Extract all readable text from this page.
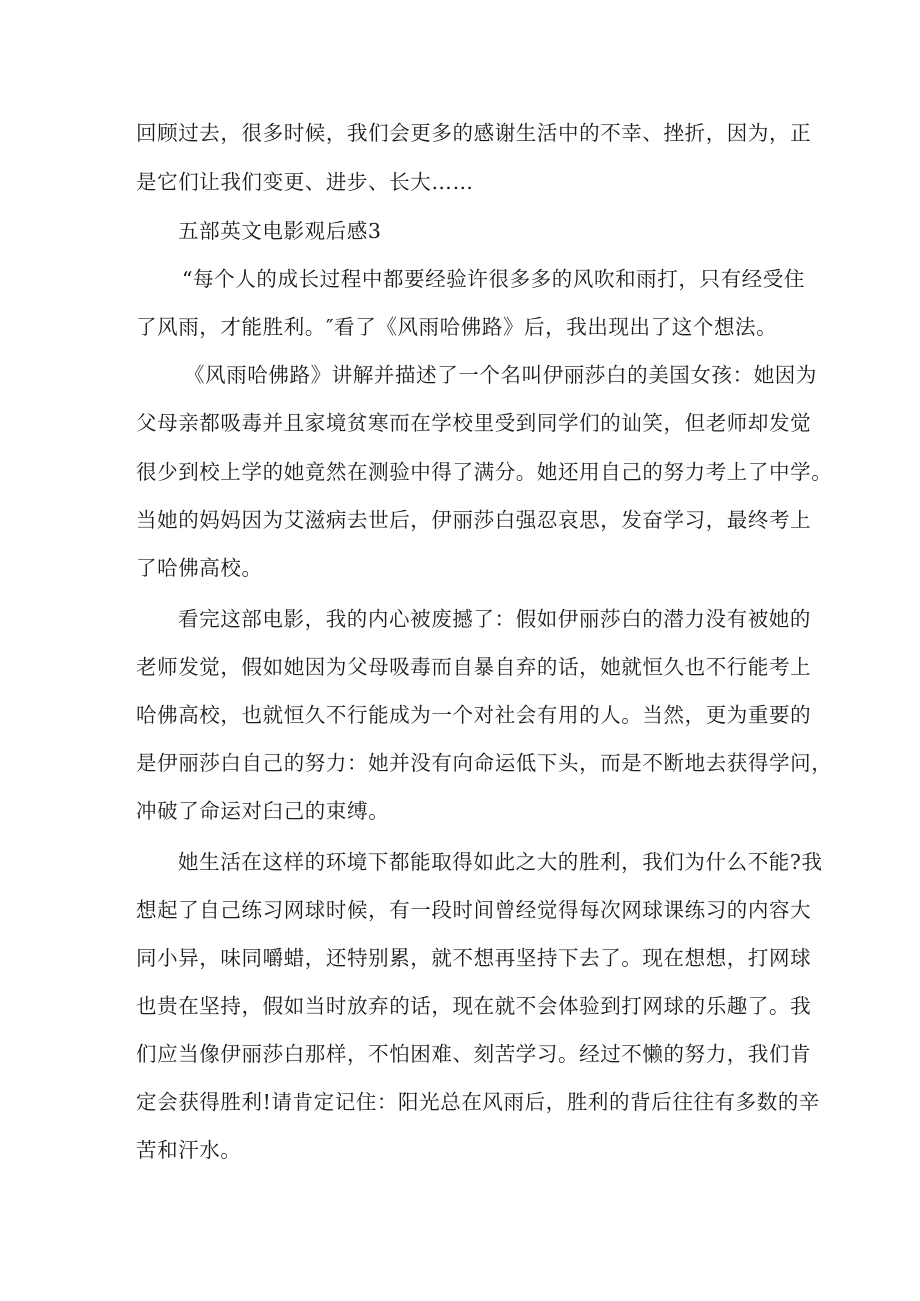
回顾过去，很多时候，我们会更多的感谢生活中的不幸、挫折，因为，正
是它们让我们变更、进步、长大……
五部英文电影观后感3
“每个人的成长过程中都要经验许很多多的风吹和雨打，只有经受住
了风雨，才能胜利。″看了《风雨哈佛路》后，我出现出了这个想法。
《风雨哈佛路》讲解并描述了一个名叫伊丽莎白的美国女孩：她因为
父母亲都吸毒并且家境贫寒而在学校里受到同学们的讪笑，但老师却发觉
很少到校上学的她竟然在测验中得了满分。她还用自己的努力考上了中学。
当她的妈妈因为艾滋病去世后，伊丽莎白强忍哀思，发奋学习，最终考上
了哈佛高校。
看完这部电影，我的内心被废撼了：假如伊丽莎白的潜力没有被她的
老师发觉，假如她因为父母吸毒而自暴自弃的话，她就恒久也不行能考上
哈佛高校，也就恒久不行能成为一个对社会有用的人。当然，更为重要的
是伊丽莎白自己的努力：她并没有向命运低下头，而是不断地去获得学问，
冲破了命运对臼己的束缚。
她生活在这样的环境下都能取得如此之大的胜利，我们为什么不能?我
想起了自己练习网球时候，有一段时间曾经觉得每次网球课练习的内容大
同小异，味同嚼蜡，还特别累，就不想再坚持下去了。现在想想，打网球
也贵在坚持，假如当时放弃的话，现在就不会体验到打网球的乐趣了。我
们应当像伊丽莎白那样，不怕困难、刻苦学习。经过不懒的努力，我们肯
定会获得胜利!请肯定记住：阳光总在风雨后，胜利的背后往往有多数的辛
苦和汗水。
